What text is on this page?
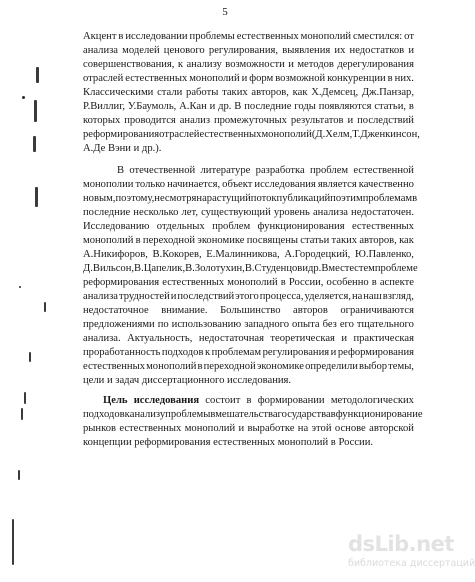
5
Акцент в исследовании проблемы естественных монополий сместился: от
анализа моделей ценового регулирования, выявления их недостатков и
совершенствования, к анализу возможности и методов дерегулирования
отраслей естественных монополий и форм возможной конкуренции в них.
Классическими стали работы таких авторов, как Х.Демсец, Дж.Панзар,
Р.Виллиг, У.Баумоль, А.Кан и др. В последние годы появляются статьи, в
которых проводится анализ промежуточных результатов и последствий
реформирования отраслей естественных монополий ( Д.Хелм, Т.Дженкинсон,
А.Де Вэни и др.).
В отечественной литературе разработка проблем естественной
монополии только начинается, объект исследования является качественно
новым, поэтому, несмотря на растущий поток публикаций по этим проблемам в
последние несколько лет, существующий уровень анализа недостаточен.
Исследованию отдельных проблем функционирования естественных
монополий в переходной экономике посвящены статьи таких авторов, как
А.Никифоров, В.Кокорев, Е.Малинникова, А.Городецкий, Ю.Павленко,
Д.Вильсон, В.Цапелик, В.Золотухин, В.Студенцов и др. Вместе с тем проблеме
реформирования естественных монополий в России, особенно в аспекте
анализа трудностей и последствий этого процесса, уделяется, на наш взгляд,
недостаточное внимание. Большинство авторов ограничиваются
предложениями по использованию западного опыта без его тщательного
анализа. Актуальность, недостаточная теоретическая и практическая
проработанность подходов к проблемам регулирования и реформирования
естественных монополий в переходной экономике определили выбор темы,
цели и задач диссертационного исследования.
Цель исследования состоит в формировании методологических
подходов к анализу проблемы вмешательства государства в функционирование
рынков естественных монополий и выработке на этой основе авторской
концепции реформирования естественных монополий в России.
dsLib.net
библиотека диссертаций
